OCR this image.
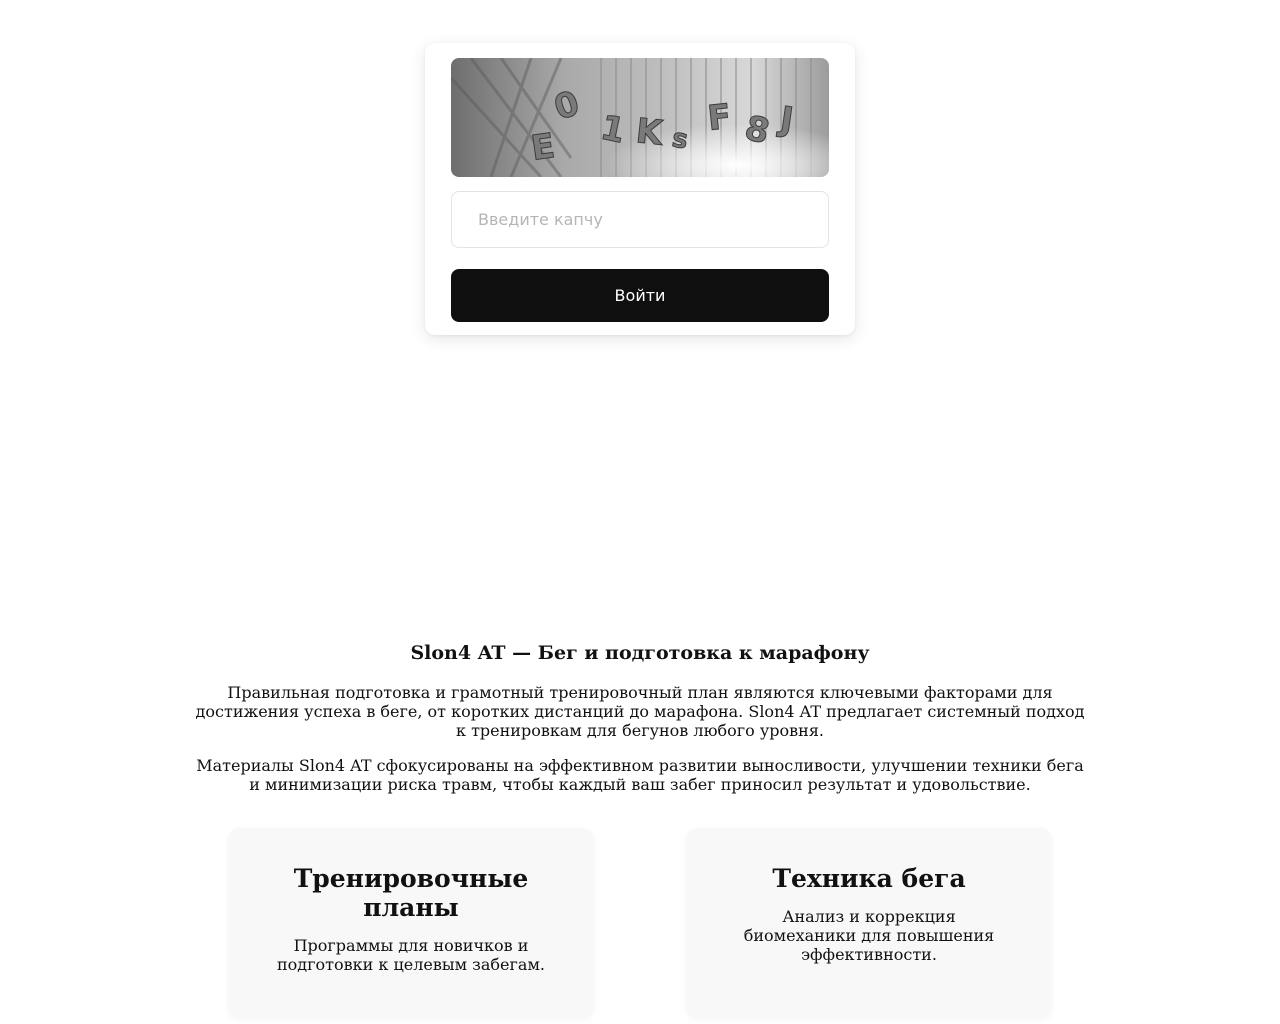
E
0
1 K s
F 8 J
Введите капчу
Войти
Slon4 AT — Бег и подготовка к марафону

Правильная подготовка и грамотный тренировочный план являются ключевыми факторами для достижения успеха в беге, от коротких дистанций до марафона. Slon4 AT предлагает системный подход к тренировкам для бегунов любого уровня.

Материалы Slon4 AT сфокусированы на эффективном развитии выносливости, улучшении техники бега и минимизации риска травм, чтобы каждый ваш забег приносил результат и удовольствие.

Тренировочные планы

Программы для новичков и подготовки к целевым забегам.

Техника бега

Анализ и коррекция биомеханики для повышения эффективности.
